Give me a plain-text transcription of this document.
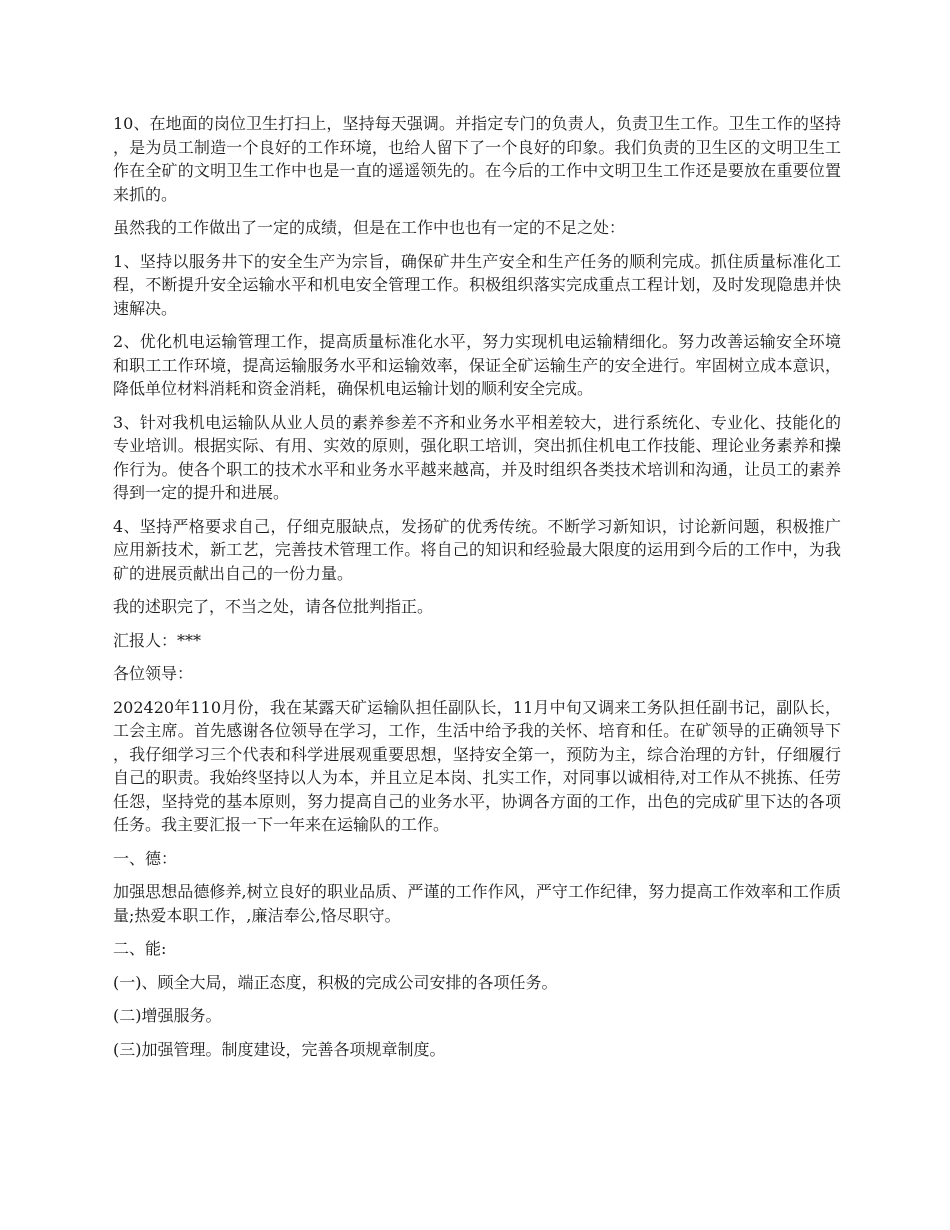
10、在地面的岗位卫生打扫上，坚持每天强调。并指定专门的负责人，负责卫生工作。卫生工作的坚持，是为员工制造一个良好的工作环境，也给人留下了一个良好的印象。我们负责的卫生区的文明卫生工作在全矿的文明卫生工作中也是一直的遥遥领先的。在今后的工作中文明卫生工作还是要放在重要位置来抓的。

虽然我的工作做出了一定的成绩，但是在工作中也也有一定的不足之处：

1、坚持以服务井下的安全生产为宗旨，确保矿井生产安全和生产任务的顺利完成。抓住质量标准化工程，不断提升安全运输水平和机电安全管理工作。积极组织落实完成重点工程计划，及时发现隐患并快速解决。

2、优化机电运输管理工作，提高质量标准化水平，努力实现机电运输精细化。努力改善运输安全环境和职工工作环境，提高运输服务水平和运输效率，保证全矿运输生产的安全进行。牢固树立成本意识，降低单位材料消耗和资金消耗，确保机电运输计划的顺利安全完成。

3、针对我机电运输队从业人员的素养参差不齐和业务水平相差较大，进行系统化、专业化、技能化的专业培训。根据实际、有用、实效的原则，强化职工培训，突出抓住机电工作技能、理论业务素养和操作行为。使各个职工的技术水平和业务水平越来越高，并及时组织各类技术培训和沟通，让员工的素养得到一定的提升和进展。

4、坚持严格要求自己，仔细克服缺点，发扬矿的优秀传统。不断学习新知识，讨论新问题，积极推广应用新技术，新工艺，完善技术管理工作。将自己的知识和经验最大限度的运用到今后的工作中，为我矿的进展贡献出自己的一份力量。

我的述职完了，不当之处，请各位批判指正。

汇报人：***

各位领导：

202420年110月份，我在某露天矿运输队担任副队长，11月中旬又调来工务队担任副书记，副队长，工会主席。首先感谢各位领导在学习，工作，生活中给予我的关怀、培育和任。在矿领导的正确领导下，我仔细学习三个代表和科学进展观重要思想，坚持安全第一，预防为主，综合治理的方针，仔细履行自己的职责。我始终坚持以人为本，并且立足本岗、扎实工作，对同事以诚相待,对工作从不挑拣、任劳任怨，坚持党的基本原则，努力提高自己的业务水平，协调各方面的工作，出色的完成矿里下达的各项任务。我主要汇报一下一年来在运输队的工作。

一、德：

加强思想品德修养,树立良好的职业品质、严谨的工作作风，严守工作纪律，努力提高工作效率和工作质量;热爱本职工作，,廉洁奉公,恪尽职守。

二、能:

(一)、顾全大局，端正态度，积极的完成公司安排的各项任务。

(二)增强服务。

(三)加强管理。制度建设，完善各项规章制度。
